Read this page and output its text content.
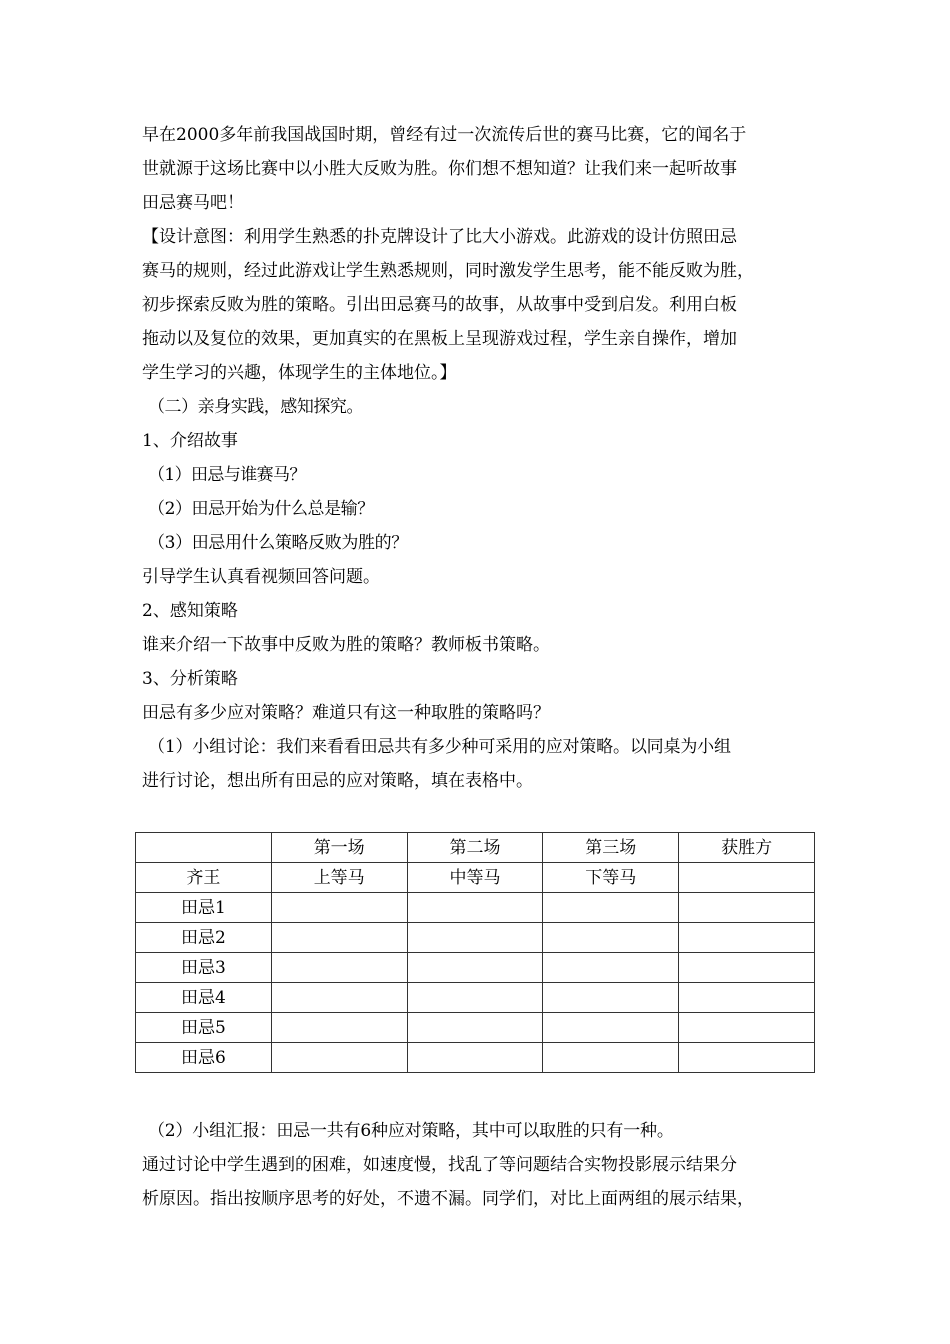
早在2000多年前我国战国时期，曾经有过一次流传后世的赛马比赛，它的闻名于
世就源于这场比赛中以小胜大反败为胜。你们想不想知道？让我们来一起听故事
田忌赛马吧！
【设计意图：利用学生熟悉的扑克牌设计了比大小游戏。此游戏的设计仿照田忌
赛马的规则，经过此游戏让学生熟悉规则，同时激发学生思考，能不能反败为胜，
初步探索反败为胜的策略。引出田忌赛马的故事，从故事中受到启发。利用白板
拖动以及复位的效果，更加真实的在黑板上呈现游戏过程，学生亲自操作，增加
学生学习的兴趣，体现学生的主体地位。】
（二）亲身实践，感知探究。
1、介绍故事
（1）田忌与谁赛马？
（2）田忌开始为什么总是输？
（3）田忌用什么策略反败为胜的？
引导学生认真看视频回答问题。
2、感知策略
谁来介绍一下故事中反败为胜的策略？教师板书策略。
3、分析策略
田忌有多少应对策略？难道只有这一种取胜的策略吗？
（1）小组讨论：我们来看看田忌共有多少种可采用的应对策略。以同桌为小组
进行讨论，想出所有田忌的应对策略，填在表格中。
	第一场	第二场	第三场	获胜方
齐王	上等马	中等马	下等马	
田忌1				
田忌2				
田忌3				
田忌4				
田忌5				
田忌6				
（2）小组汇报：田忌一共有6种应对策略，其中可以取胜的只有一种。
通过讨论中学生遇到的困难，如速度慢，找乱了等问题结合实物投影展示结果分
析原因。指出按顺序思考的好处，不遗不漏。同学们，对比上面两组的展示结果，
